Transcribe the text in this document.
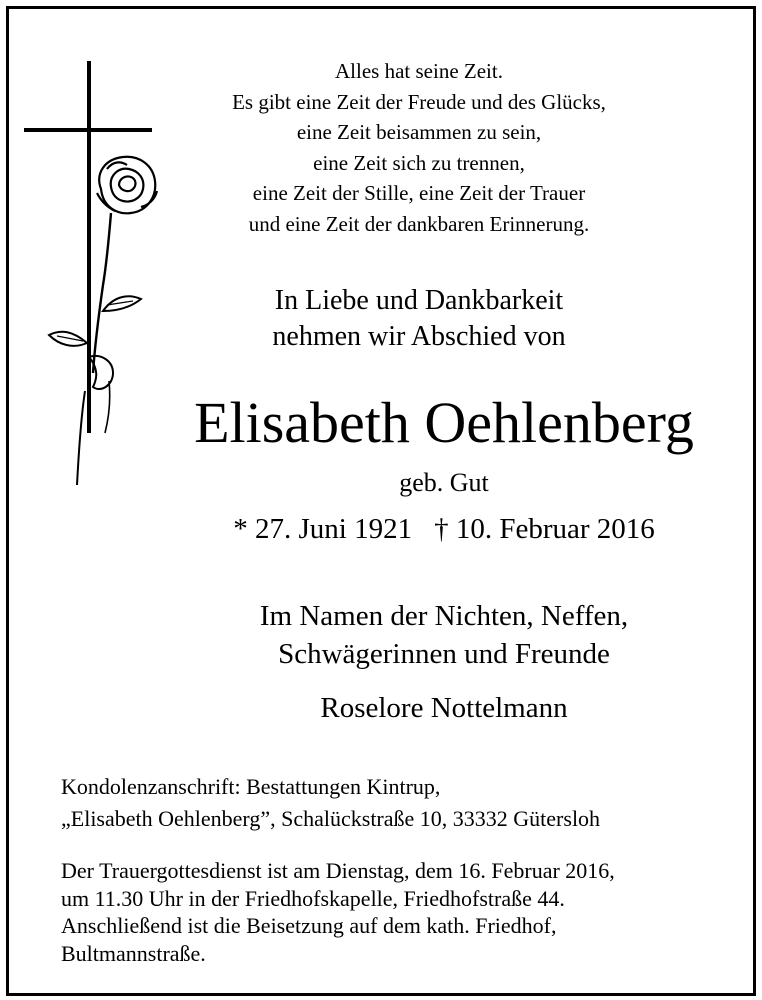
Alles hat seine Zeit.
Es gibt eine Zeit der Freude und des Glücks,
eine Zeit beisammen zu sein,
eine Zeit sich zu trennen,
eine Zeit der Stille, eine Zeit der Trauer
und eine Zeit der dankbaren Erinnerung.
In Liebe und Dankbarkeit
nehmen wir Abschied von
Elisabeth Oehlenberg
geb. Gut
* 27. Juni 1921 † 10. Februar 2016
Im Namen der Nichten, Neffen,
Schwägerinnen und Freunde
Roselore Nottelmann
Kondolenzanschrift: Bestattungen Kintrup,
„Elisabeth Oehlenberg”, Schalückstraße 10, 33332 Gütersloh
Der Trauergottesdienst ist am Dienstag, dem 16. Februar 2016,
um 11.30 Uhr in der Friedhofskapelle, Friedhofstraße 44.
Anschließend ist die Beisetzung auf dem kath. Friedhof,
Bultmannstraße.
